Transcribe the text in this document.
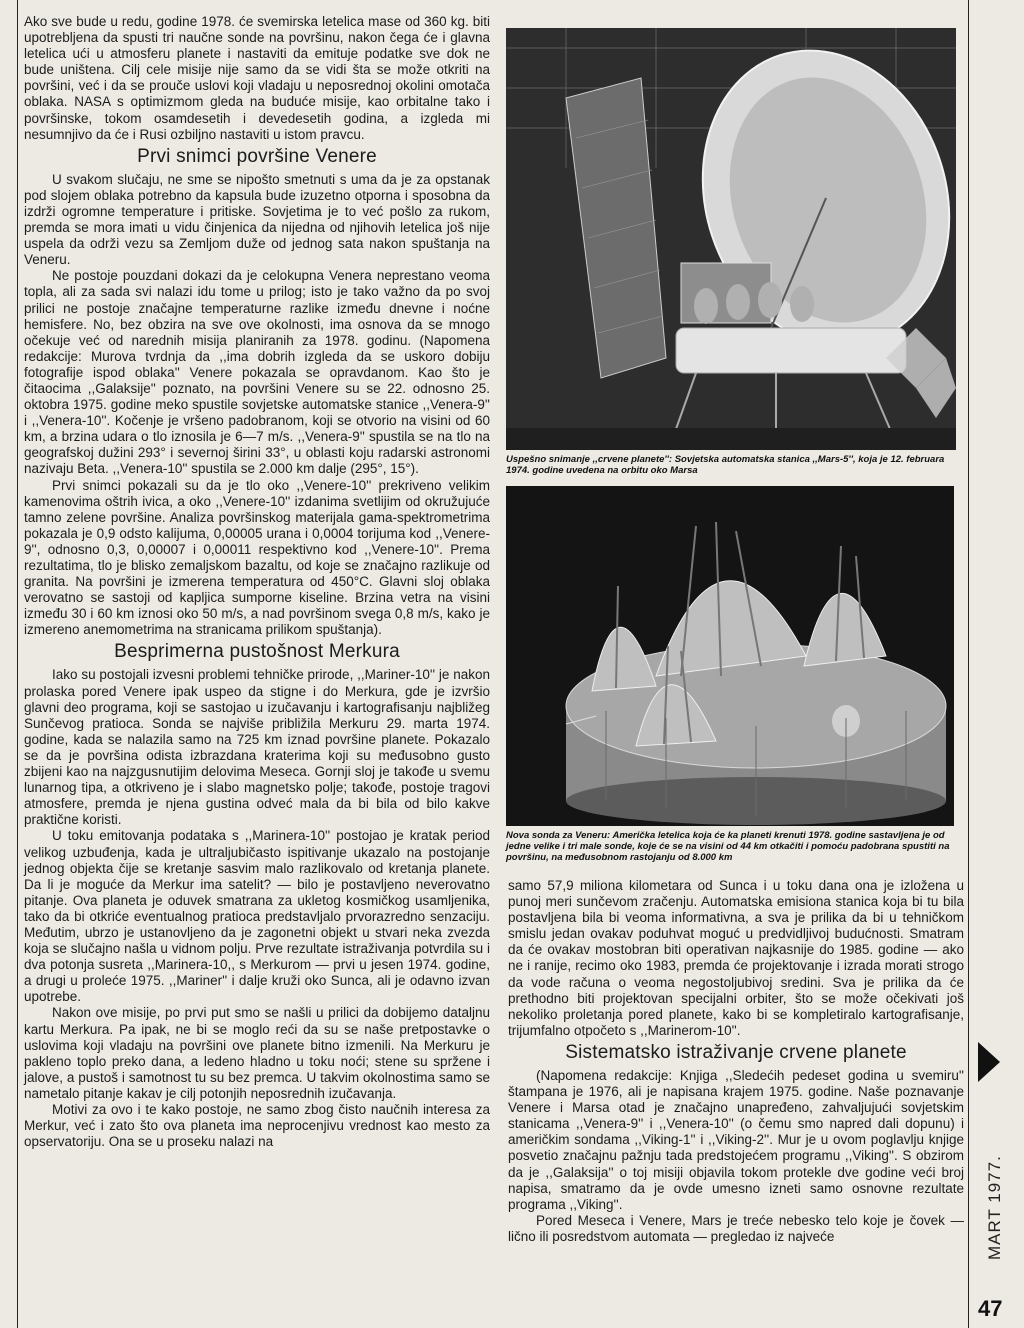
Ako sve bude u redu, godine 1978. će svemirska letelica mase od 360 kg. biti upotrebljena da spusti tri naučne sonde na površinu, nakon čega će i glavna letelica ući u atmosferu planete i nastaviti da emituje podatke sve dok ne bude uništena. Cilj cele misije nije samo da se vidi šta se može otkriti na površini, već i da se prouče uslovi koji vladaju u neposrednoj okolini omotača oblaka. NASA s optimizmom gleda na buduće misije, kao orbitalne tako i površinske, tokom osamdesetih i devedesetih godina, a izgleda mi nesumnjivo da će i Rusi ozbiljno nastaviti u istom pravcu.

Prvi snimci površine Venere

U svakom slučaju, ne sme se nipošto smetnuti s uma da je za opstanak pod slojem oblaka potrebno da kapsula bude izuzetno otporna i sposobna da izdrži ogromne temperature i pritiske. Sovjetima je to već pošlo za rukom, premda se mora imati u vidu činjenica da nijedna od njihovih letelica još nije uspela da održi vezu sa Zemljom duže od jednog sata nakon spuštanja na Veneru.

Ne postoje pouzdani dokazi da je celokupna Venera neprestano veoma topla, ali za sada svi nalazi idu tome u prilog; isto je tako važno da po svoj prilici ne postoje značajne temperaturne razlike između dnevne i noćne hemisfere. No, bez obzira na sve ove okolnosti, ima osnova da se mnogo očekuje već od narednih misija planiranih za 1978. godinu. (Napomena redakcije: Murova tvrdnja da ,,ima dobrih izgleda da se uskoro dobiju fotografije ispod oblaka'' Venere pokazala se opravdanom. Kao što je čitaocima ,,Galaksije'' poznato, na površini Venere su se 22. odnosno 25. oktobra 1975. godine meko spustile sovjetske automatske stanice ,,Venera-9'' i ,,Venera-10''. Kočenje je vršeno padobranom, koji se otvorio na visini od 60 km, a brzina udara o tlo iznosila je 6—7 m/s. ,,Venera-9'' spustila se na tlo na geografskoj dužini 293° i severnoj širini 33°, u oblasti koju radarski astronomi nazivaju Beta. ,,Venera-10'' spustila se 2.000 km dalje (295°, 15°).

Prvi snimci pokazali su da je tlo oko ,,Venere-10'' prekriveno velikim kamenovima oštrih ivica, a oko ,,Venere-10'' izdanima svetlijim od okružujuće tamno zelene površine. Analiza površinskog materijala gama-spektrometrima pokazala je 0,9 odsto kalijuma, 0,00005 urana i 0,0004 torijuma kod ,,Venere-9'', odnosno 0,3, 0,00007 i 0,00011 respektivno kod ,,Venere-10''. Prema rezultatima, tlo je blisko zemaljskom bazaltu, od koje se značajno razlikuje od granita. Na površini je izmerena temperatura od 450°C. Glavni sloj oblaka verovatno se sastoji od kapljica sumporne kiseline. Brzina vetra na visini između 30 i 60 km iznosi oko 50 m/s, a nad površinom svega 0,8 m/s, kako je izmereno anemometrima na stranicama prilikom spuštanja).

Besprimerna pustošnost Merkura

Iako su postojali izvesni problemi tehničke prirode, ,,Mariner-10'' je nakon prolaska pored Venere ipak uspeo da stigne i do Merkura, gde je izvršio glavni deo programa, koji se sastojao u izučavanju i kartografisanju najbližeg Sunčevog pratioca. Sonda se najviše približila Merkuru 29. marta 1974. godine, kada se nalazila samo na 725 km iznad površine planete. Pokazalo se da je površina odista izbrazdana kraterima koji su međusobno gusto zbijeni kao na najzgusnutijim delovima Meseca. Gornji sloj je takođe u svemu lunarnog tipa, a otkriveno je i slabo magnetsko polje; takođe, postoje tragovi atmosfere, premda je njena gustina odveć mala da bi bila od bilo kakve praktične koristi.

U toku emitovanja podataka s ,,Marinera-10'' postojao je kratak period velikog uzbuđenja, kada je ultraljubičasto ispitivanje ukazalo na postojanje jednog objekta čije se kretanje sasvim malo razlikovalo od kretanja planete. Da li je moguće da Merkur ima satelit? — bilo je postavljeno neverovatno pitanje. Ova planeta je oduvek smatrana za ukletog kosmičkog usamljenika, tako da bi otkriće eventualnog pratioca predstavljalo prvorazredno senzaciju. Međutim, ubrzo je ustanovljeno da je zagonetni objekt u stvari neka zvezda koja se slučajno našla u vidnom polju. Prve rezultate istraživanja potvrdila su i dva potonja susreta ,,Marinera-10,, s Merkurom — prvi u jesen 1974. godine, a drugi u proleće 1975. ,,Mariner'' i dalje kruži oko Sunca, ali je odavno izvan upotrebe.

Nakon ove misije, po prvi put smo se našli u prilici da dobijemo dataljnu kartu Merkura. Pa ipak, ne bi se moglo reći da su se naše pretpostavke o uslovima koji vladaju na površini ove planete bitno izmenili. Na Merkuru je pakleno toplo preko dana, a ledeno hladno u toku noći; stene su spržene i jalove, a pustoš i samotnost tu su bez premca. U takvim okolnostima samo se nametalo pitanje kakav je cilj potonjih neposrednih izučavanja.

Motivi za ovo i te kako postoje, ne samo zbog čisto naučnih interesa za Merkur, već i zato što ova planeta ima neprocenjivu vrednost kao mesto za opservatoriju. Ona se u proseku nalazi na

Uspešno snimanje ,,crvene planete'': Sovjetska automatska stanica ,,Mars-5'', koja je 12. februara 1974. godine uvedena na orbitu oko Marsa
Nova sonda za Veneru: Američka letelica koja će ka planeti krenuti 1978. godine sastavljena je od jedne velike i tri male sonde, koje će se na visini od 44 km otkačiti i pomoću padobrana spustiti na površinu, na međusobnom rastojanju od 8.000 km

samo 57,9 miliona kilometara od Sunca i u toku dana ona je izložena u punoj meri sunčevom zračenju. Automatska emisiona stanica koja bi tu bila postavljena bila bi veoma informativna, a sva je prilika da bi u tehničkom smislu jedan ovakav poduhvat moguć u predvidljivoj budućnosti. Smatram da će ovakav mostobran biti operativan najkasnije do 1985. godine — ako ne i ranije, recimo oko 1983, premda će projektovanje i izrada morati strogo da vode računa o veoma negostoljubivoj sredini. Sva je prilika da će prethodno biti projektovan specijalni orbiter, što se može očekivati još nekoliko proletanja pored planete, kako bi se kompletiralo kartografisanje, trijumfalno otpočeto s ,,Marinerom-10''.

Sistematsko istraživanje crvene planete

(Napomena redakcije: Knjiga ,,Sledećih pedeset godina u svemiru'' štampana je 1976, ali je napisana krajem 1975. godine. Naše poznavanje Venere i Marsa otad je značajno unapređeno, zahvaljujući sovjetskim stanicama ,,Venera-9'' i ,,Venera-10'' (o čemu smo napred dali dopunu) i američkim sondama ,,Viking-1'' i ,,Viking-2''. Mur je u ovom poglavlju knjige posvetio značajnu pažnju tada predstojećem programu ,,Viking''. S obzirom da je ,,Galaksija'' o toj misiji objavila tokom protekle dve godine veći broj napisa, smatramo da je ovde umesno izneti samo osnovne rezultate programa ,,Viking''.

Pored Meseca i Venere, Mars je treće nebesko telo koje je čovek — lično ili posredstvom automata — pregledao iz najveće	MART 1977.
47
